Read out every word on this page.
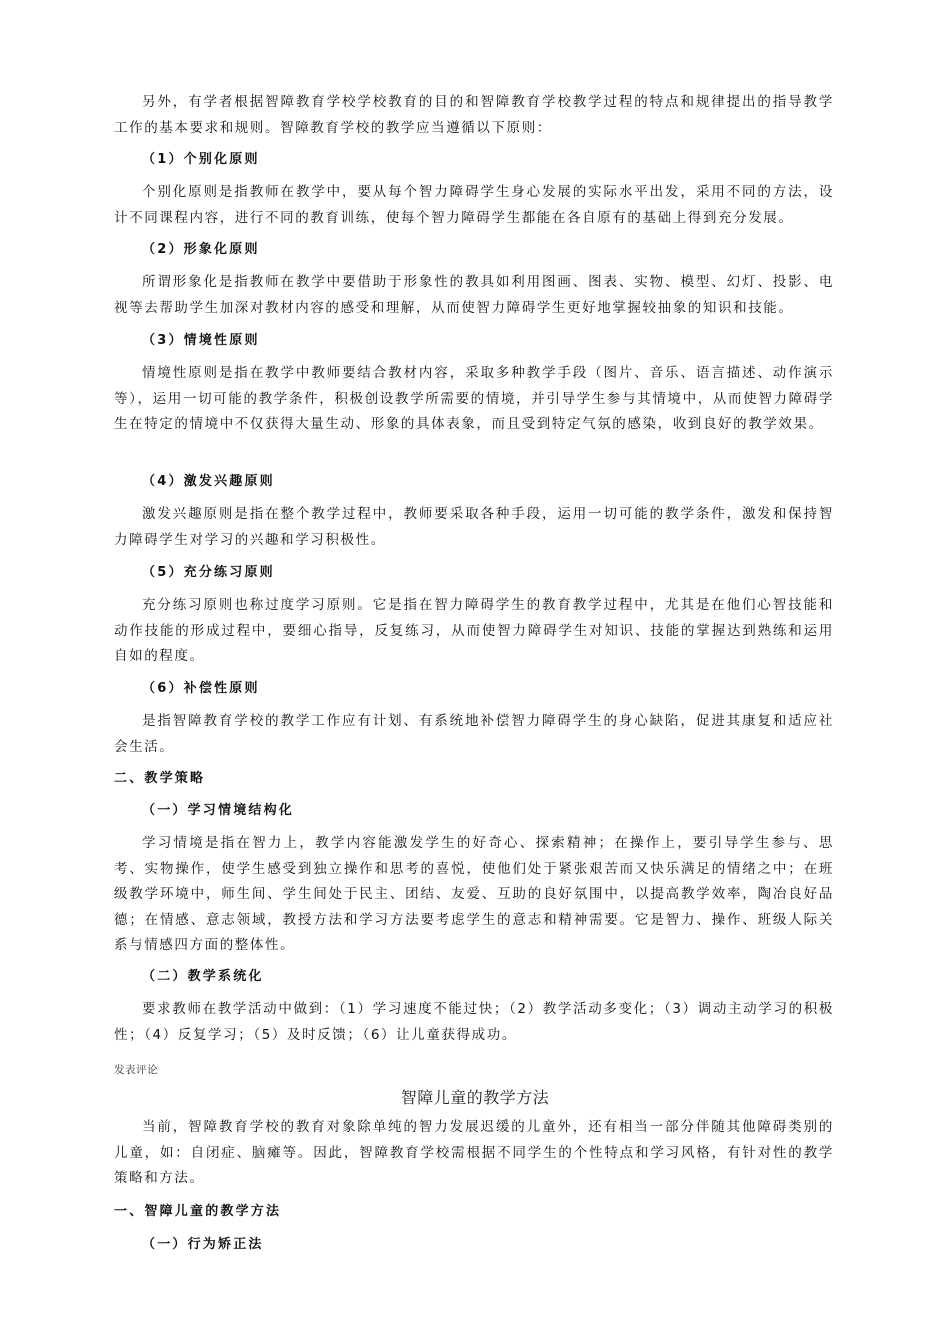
另外，有学者根据智障教育学校学校教育的目的和智障教育学校教学过程的特点和规律提出的指导教学工作的基本要求和规则。智障教育学校的教学应当遵循以下原则：

（1）个别化原则

个别化原则是指教师在教学中，要从每个智力障碍学生身心发展的实际水平出发，采用不同的方法，设计不同课程内容，进行不同的教育训练，使每个智力障碍学生都能在各自原有的基础上得到充分发展。

（2）形象化原则

所谓形象化是指教师在教学中要借助于形象性的教具如利用图画、图表、实物、模型、幻灯、投影、电视等去帮助学生加深对教材内容的感受和理解，从而使智力障碍学生更好地掌握较抽象的知识和技能。

（3）情境性原则

情境性原则是指在教学中教师要结合教材内容，采取多种教学手段（图片、音乐、语言描述、动作演示等），运用一切可能的教学条件，积极创设教学所需要的情境，并引导学生参与其情境中，从而使智力障碍学生在特定的情境中不仅获得大量生动、形象的具体表象，而且受到特定气氛的感染，收到良好的教学效果。

（4）激发兴趣原则

激发兴趣原则是指在整个教学过程中，教师要采取各种手段，运用一切可能的教学条件，激发和保持智力障碍学生对学习的兴趣和学习积极性。

（5）充分练习原则

充分练习原则也称过度学习原则。它是指在智力障碍学生的教育教学过程中，尤其是在他们心智技能和动作技能的形成过程中，要细心指导，反复练习，从而使智力障碍学生对知识、技能的掌握达到熟练和运用自如的程度。

（6）补偿性原则

是指智障教育学校的教学工作应有计划、有系统地补偿智力障碍学生的身心缺陷，促进其康复和适应社会生活。

二、教学策略

（一）学习情境结构化

学习情境是指在智力上，教学内容能激发学生的好奇心、探索精神；在操作上，要引导学生参与、思考、实物操作，使学生感受到独立操作和思考的喜悦，使他们处于紧张艰苦而又快乐满足的情绪之中；在班级教学环境中，师生间、学生间处于民主、团结、友爱、互助的良好氛围中，以提高教学效率，陶冶良好品德；在情感、意志领域，教授方法和学习方法要考虑学生的意志和精神需要。它是智力、操作、班级人际关系与情感四方面的整体性。

（二）教学系统化

要求教师在教学活动中做到：（1）学习速度不能过快；（2）教学活动多变化；（3）调动主动学习的积极性；（4）反复学习；（5）及时反馈；（6）让儿童获得成功。

发表评论

智障儿童的教学方法

当前，智障教育学校的教育对象除单纯的智力发展迟缓的儿童外，还有相当一部分伴随其他障碍类别的儿童，如：自闭症、脑瘫等。因此，智障教育学校需根据不同学生的个性特点和学习风格，有针对性的教学策略和方法。

一、智障儿童的教学方法

（一）行为矫正法
